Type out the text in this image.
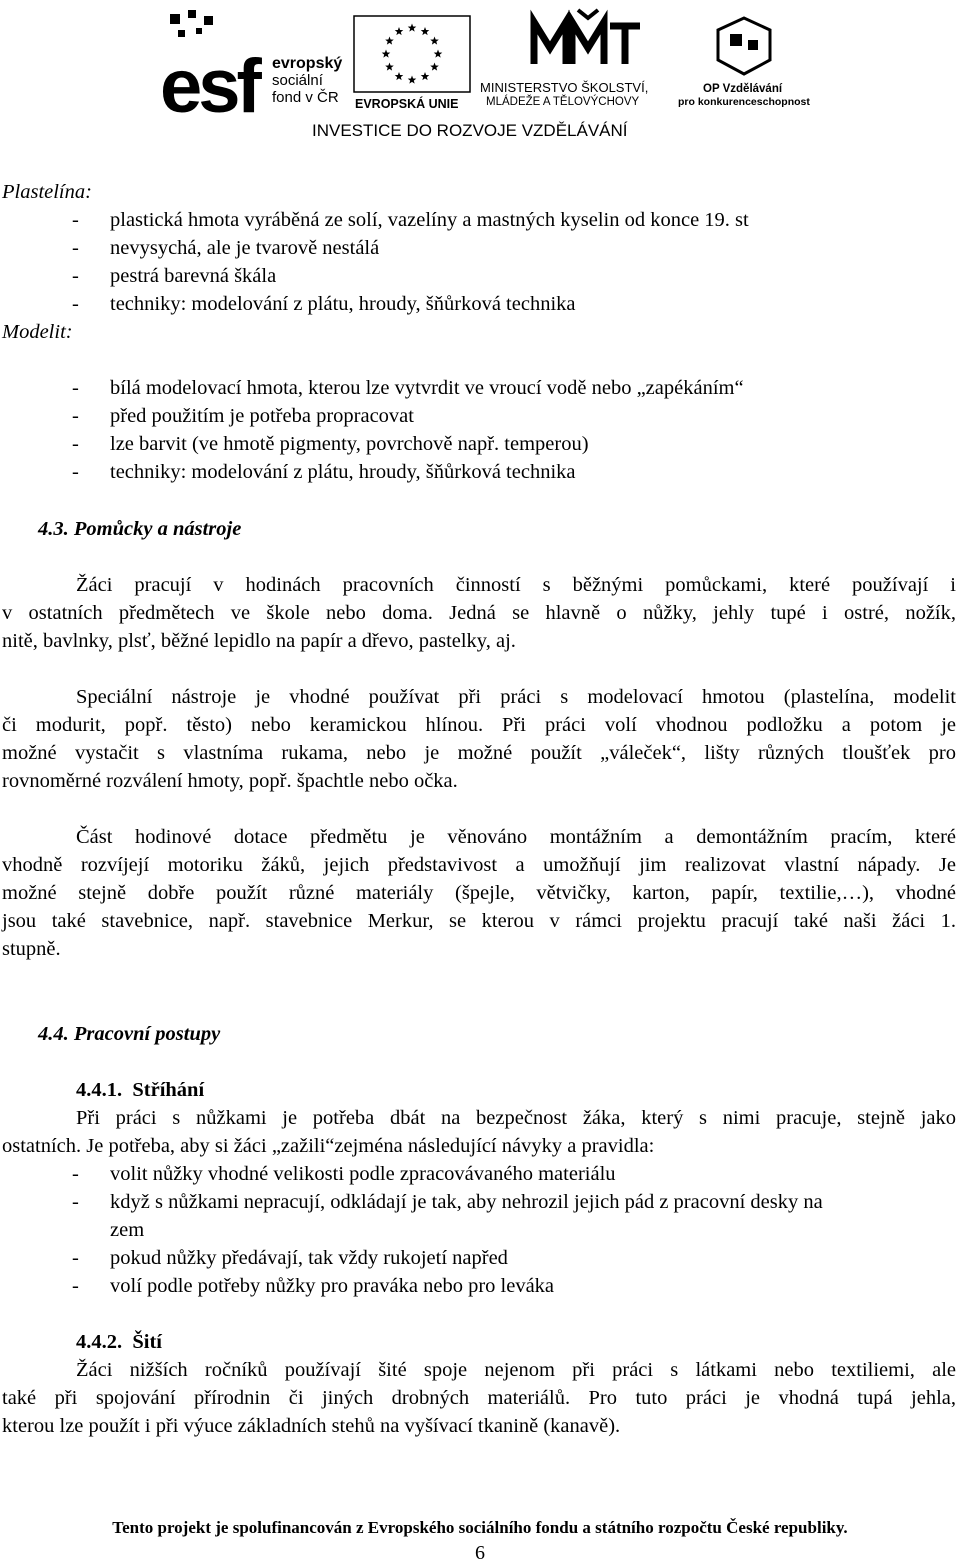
esf evropský
sociální
fond v ČR EVROPSKÁ UNIE
MINISTERSTVO ŠKOLSTVÍ,
MLÁDEŽE A TĚLOVÝCHOVY
OP Vzdělávání
pro konkurenceschopnost
INVESTICE DO ROZVOJE VZDĚLÁVÁNÍ
Plastelína:
- plastická hmota vyráběná ze solí, vazelíny a mastných kyselin od konce 19. st
- nevysychá, ale je tvarově nestálá
- pestrá barevná škála
- techniky: modelování z plátu, hroudy, šňůrková technika
Modelit:
- bílá modelovací hmota, kterou lze vytvrdit ve vroucí vodě nebo „zapékáním“
- před použitím je potřeba propracovat
- lze barvit (ve hmotě pigmenty, povrchově např. temperou)
- techniky: modelování z plátu, hroudy, šňůrková technika
4.3. Pomůcky a nástroje
Žáci pracují v hodinách pracovních činností s běžnými pomůckami, které používají i
v ostatních předmětech ve škole nebo doma. Jedná se hlavně o nůžky, jehly tupé i ostré, nožík,
nitě, bavlnky, plsť, běžné lepidlo na papír a dřevo, pastelky, aj.
Speciální nástroje je vhodné používat při práci s modelovací hmotou (plastelína, modelit
či modurit, popř. těsto) nebo keramickou hlínou. Při práci volí vhodnou podložku a potom je
možné vystačit s vlastníma rukama, nebo je možné použít „váleček“, lišty různých tloušťek pro
rovnoměrné rozválení hmoty, popř. špachtle nebo očka.
Část hodinové dotace předmětu je věnováno montážním a demontážním pracím, které
vhodně rozvíjejí motoriku žáků, jejich představivost a umožňují jim realizovat vlastní nápady. Je
možné stejně dobře použít různé materiály (špejle, větvičky, karton, papír, textilie,…), vhodné
jsou také stavebnice, např. stavebnice Merkur, se kterou v rámci projektu pracují také naši žáci 1.
stupně.
4.4. Pracovní postupy
4.4.1.  Stříhání
Při práci s nůžkami je potřeba dbát na bezpečnost žáka, který s nimi pracuje, stejně jako
ostatních. Je potřeba, aby si žáci „zažili“zejména následující návyky a pravidla:
- volit nůžky vhodné velikosti podle zpracovávaného materiálu
- když s nůžkami nepracují, odkládají je tak, aby nehrozil jejich pád z pracovní desky na
zem
- pokud nůžky předávají, tak vždy rukojetí napřed
- volí podle potřeby nůžky pro praváka nebo pro leváka
4.4.2.  Šití
Žáci nižších ročníků používají šité spoje nejenom při práci s látkami nebo textiliemi, ale
také při spojování přírodnin či jiných drobných materiálů. Pro tuto práci je vhodná tupá jehla,
kterou lze použít i při výuce základních stehů na vyšívací tkanině (kanavě).
Tento projekt je spolufinancován z Evropského sociálního fondu a státního rozpočtu České republiky.
6
